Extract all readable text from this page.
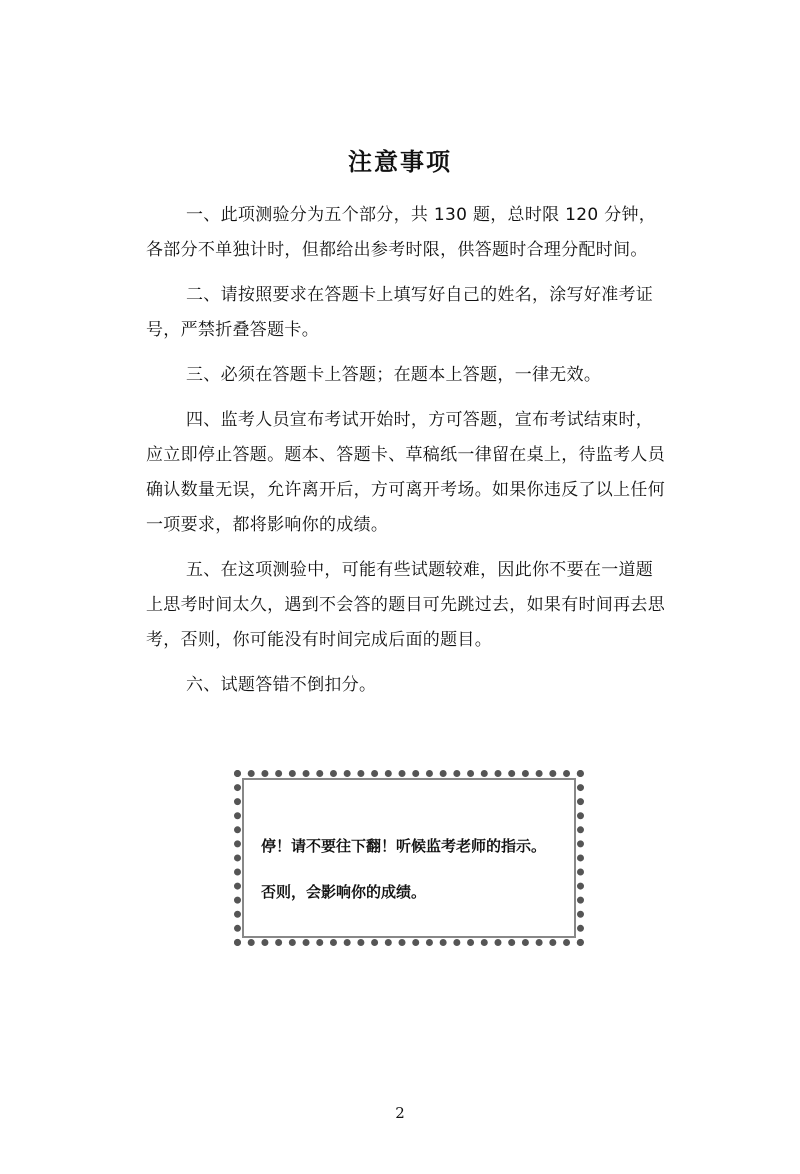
注意事项
一、此项测验分为五个部分，共 130 题，总时限 120 分钟，各部分不单独计时，但都给出参考时限，供答题时合理分配时间。
二、请按照要求在答题卡上填写好自己的姓名，涂写好准考证号，严禁折叠答题卡。
三、必须在答题卡上答题；在题本上答题，一律无效。
四、监考人员宣布考试开始时，方可答题，宣布考试结束时，应立即停止答题。题本、答题卡、草稿纸一律留在桌上，待监考人员确认数量无误，允许离开后，方可离开考场。如果你违反了以上任何一项要求，都将影响你的成绩。
五、在这项测验中，可能有些试题较难，因此你不要在一道题上思考时间太久，遇到不会答的题目可先跳过去，如果有时间再去思考，否则，你可能没有时间完成后面的题目。
六、试题答错不倒扣分。

停！请不要往下翻！听候监考老师的指示。

否则，会影响你的成绩。

2
